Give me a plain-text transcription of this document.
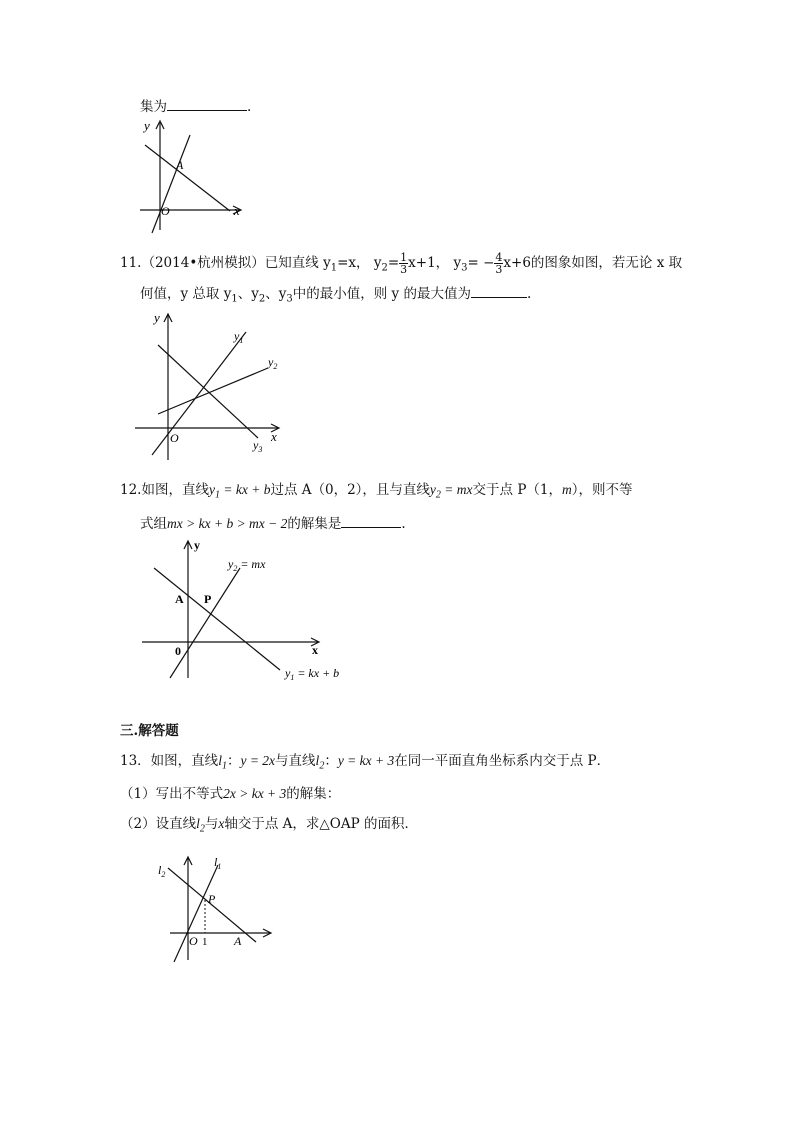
集为	.
y
x
O
A
11.（2014•杭州模拟）已知直线 $y_1=x$， $y_2= \frac{1}{3} x+1$， $y_3= - \frac{4}{3} x+6$的图象如图，若无论 x 取
何值，y 总取 $y_1$、$y_2$、$y_3$中的最小值，则 y 的最大值为	.
y
x
O
$y_1$
$y_2$
$y_3$
12.如图，直线$y_1$ = kx + b过点 A（0，2），且与直线$y_2$ = mx交于点 P（1，m），则不等
式组mx > kx + b > mx − 2的解集是	.
y
x
0
A P
$y_2$ = mx
$y_1$ = kx + b
三.解答题
13．如图，直线$l_1$：y = 2x与直线$l_2$：y = kx + 3在同一平面直角坐标系内交于点 P．
（1）写出不等式2x > kx + 3的解集：
（2）设直线$l_2$与x轴交于点 A，求△OAP 的面积．
$l_2$
$l_1$
P
O 1 A
